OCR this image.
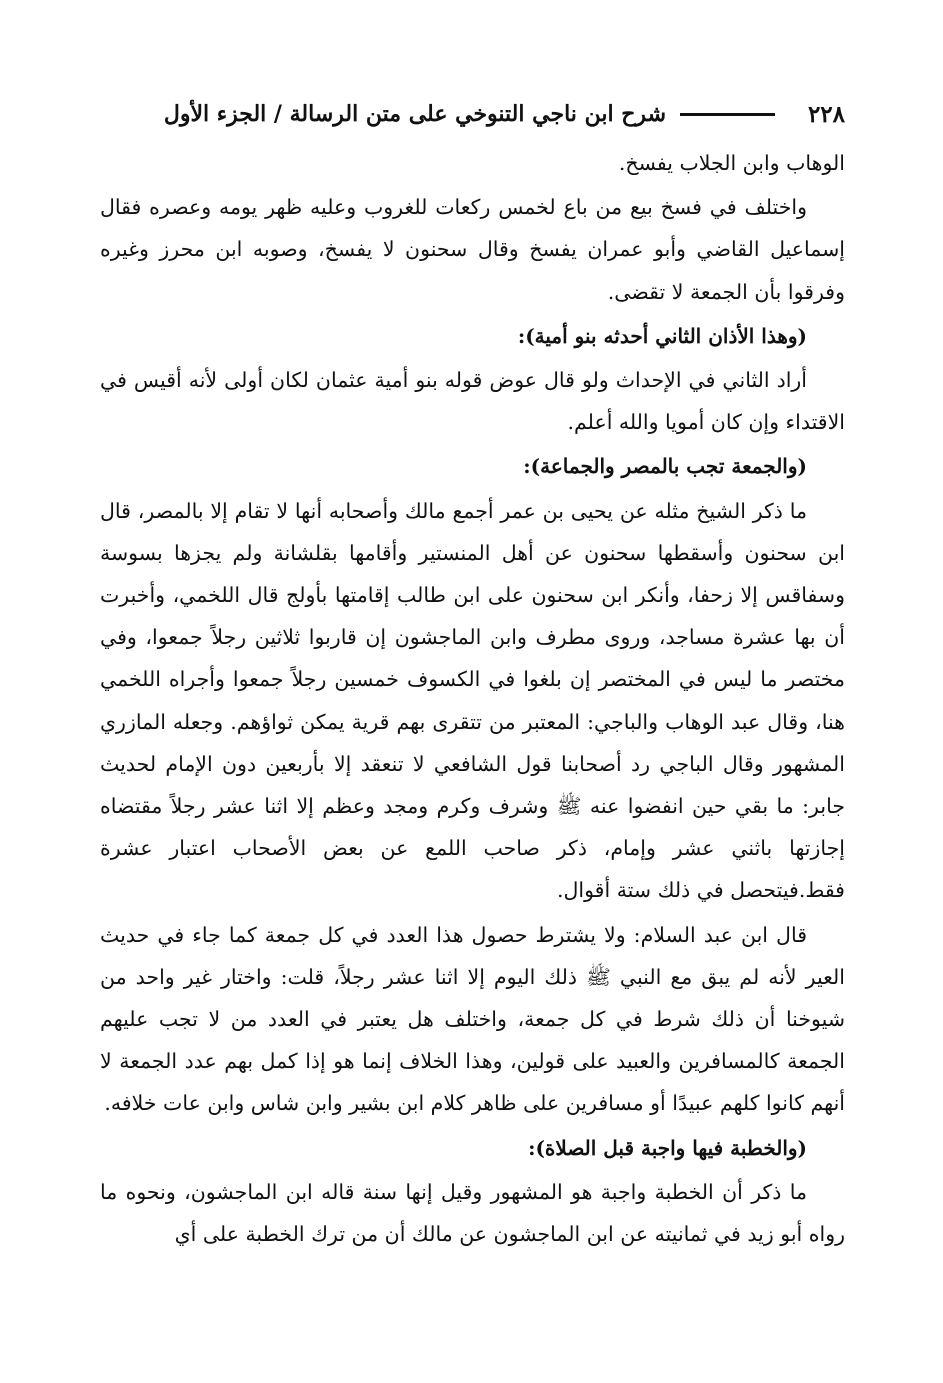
٢٢٨
شرح ابن ناجي التنوخي على متن الرسالة / الجزء الأول

الوهاب وابن الجلاب يفسخ.

واختلف في فسخ بيع من باع لخمس ركعات للغروب وعليه ظهر يومه وعصره فقال إسماعيل القاضي وأبو عمران يفسخ وقال سحنون لا يفسخ، وصوبه ابن محرز وغيره وفرقوا بأن الجمعة لا تقضى.

(وهذا الأذان الثاني أحدثه بنو أمية):

أراد الثاني في الإحداث ولو قال عوض قوله بنو أمية عثمان لكان أولى لأنه أقيس في الاقتداء وإن كان أمويا والله أعلم.

(والجمعة تجب بالمصر والجماعة):

ما ذكر الشيخ مثله عن يحيى بن عمر أجمع مالك وأصحابه أنها لا تقام إلا بالمصر، قال ابن سحنون وأسقطها سحنون عن أهل المنستير وأقامها بقلشانة ولم يجزها بسوسة وسفاقس إلا زحفا، وأنكر ابن سحنون على ابن طالب إقامتها بأولج قال اللخمي، وأخبرت أن بها عشرة مساجد، وروى مطرف وابن الماجشون إن قاربوا ثلاثين رجلاً جمعوا، وفي مختصر ما ليس في المختصر إن بلغوا في الكسوف خمسين رجلاً جمعوا وأجراه اللخمي هنا، وقال عبد الوهاب والباجي: المعتبر من تتقرى بهم قرية يمكن ثواؤهم. وجعله المازري المشهور وقال الباجي رد أصحابنا قول الشافعي لا تنعقد إلا بأربعين دون الإمام لحديث جابر: ما بقي حين انفضوا عنه ﷺ وشرف وكرم ومجد وعظم إلا اثنا عشر رجلاً مقتضاه إجازتها باثني عشر وإمام، ذكر صاحب اللمع عن بعض الأصحاب اعتبار عشرة فقط.فيتحصل في ذلك ستة أقوال.

قال ابن عبد السلام: ولا يشترط حصول هذا العدد في كل جمعة كما جاء في حديث العير لأنه لم يبق مع النبي ﷺ ذلك اليوم إلا اثنا عشر رجلاً، قلت: واختار غير واحد من شيوخنا أن ذلك شرط في كل جمعة، واختلف هل يعتبر في العدد من لا تجب عليهم الجمعة كالمسافرين والعبيد على قولين، وهذا الخلاف إنما هو إذا كمل بهم عدد الجمعة لا أنهم كانوا كلهم عبيدًا أو مسافرين على ظاهر كلام ابن بشير وابن شاس وابن عات خلافه.

(والخطبة فيها واجبة قبل الصلاة):

ما ذكر أن الخطبة واجبة هو المشهور وقيل إنها سنة قاله ابن الماجشون، ونحوه ما رواه أبو زيد في ثمانيته عن ابن الماجشون عن مالك أن من ترك الخطبة على أي
